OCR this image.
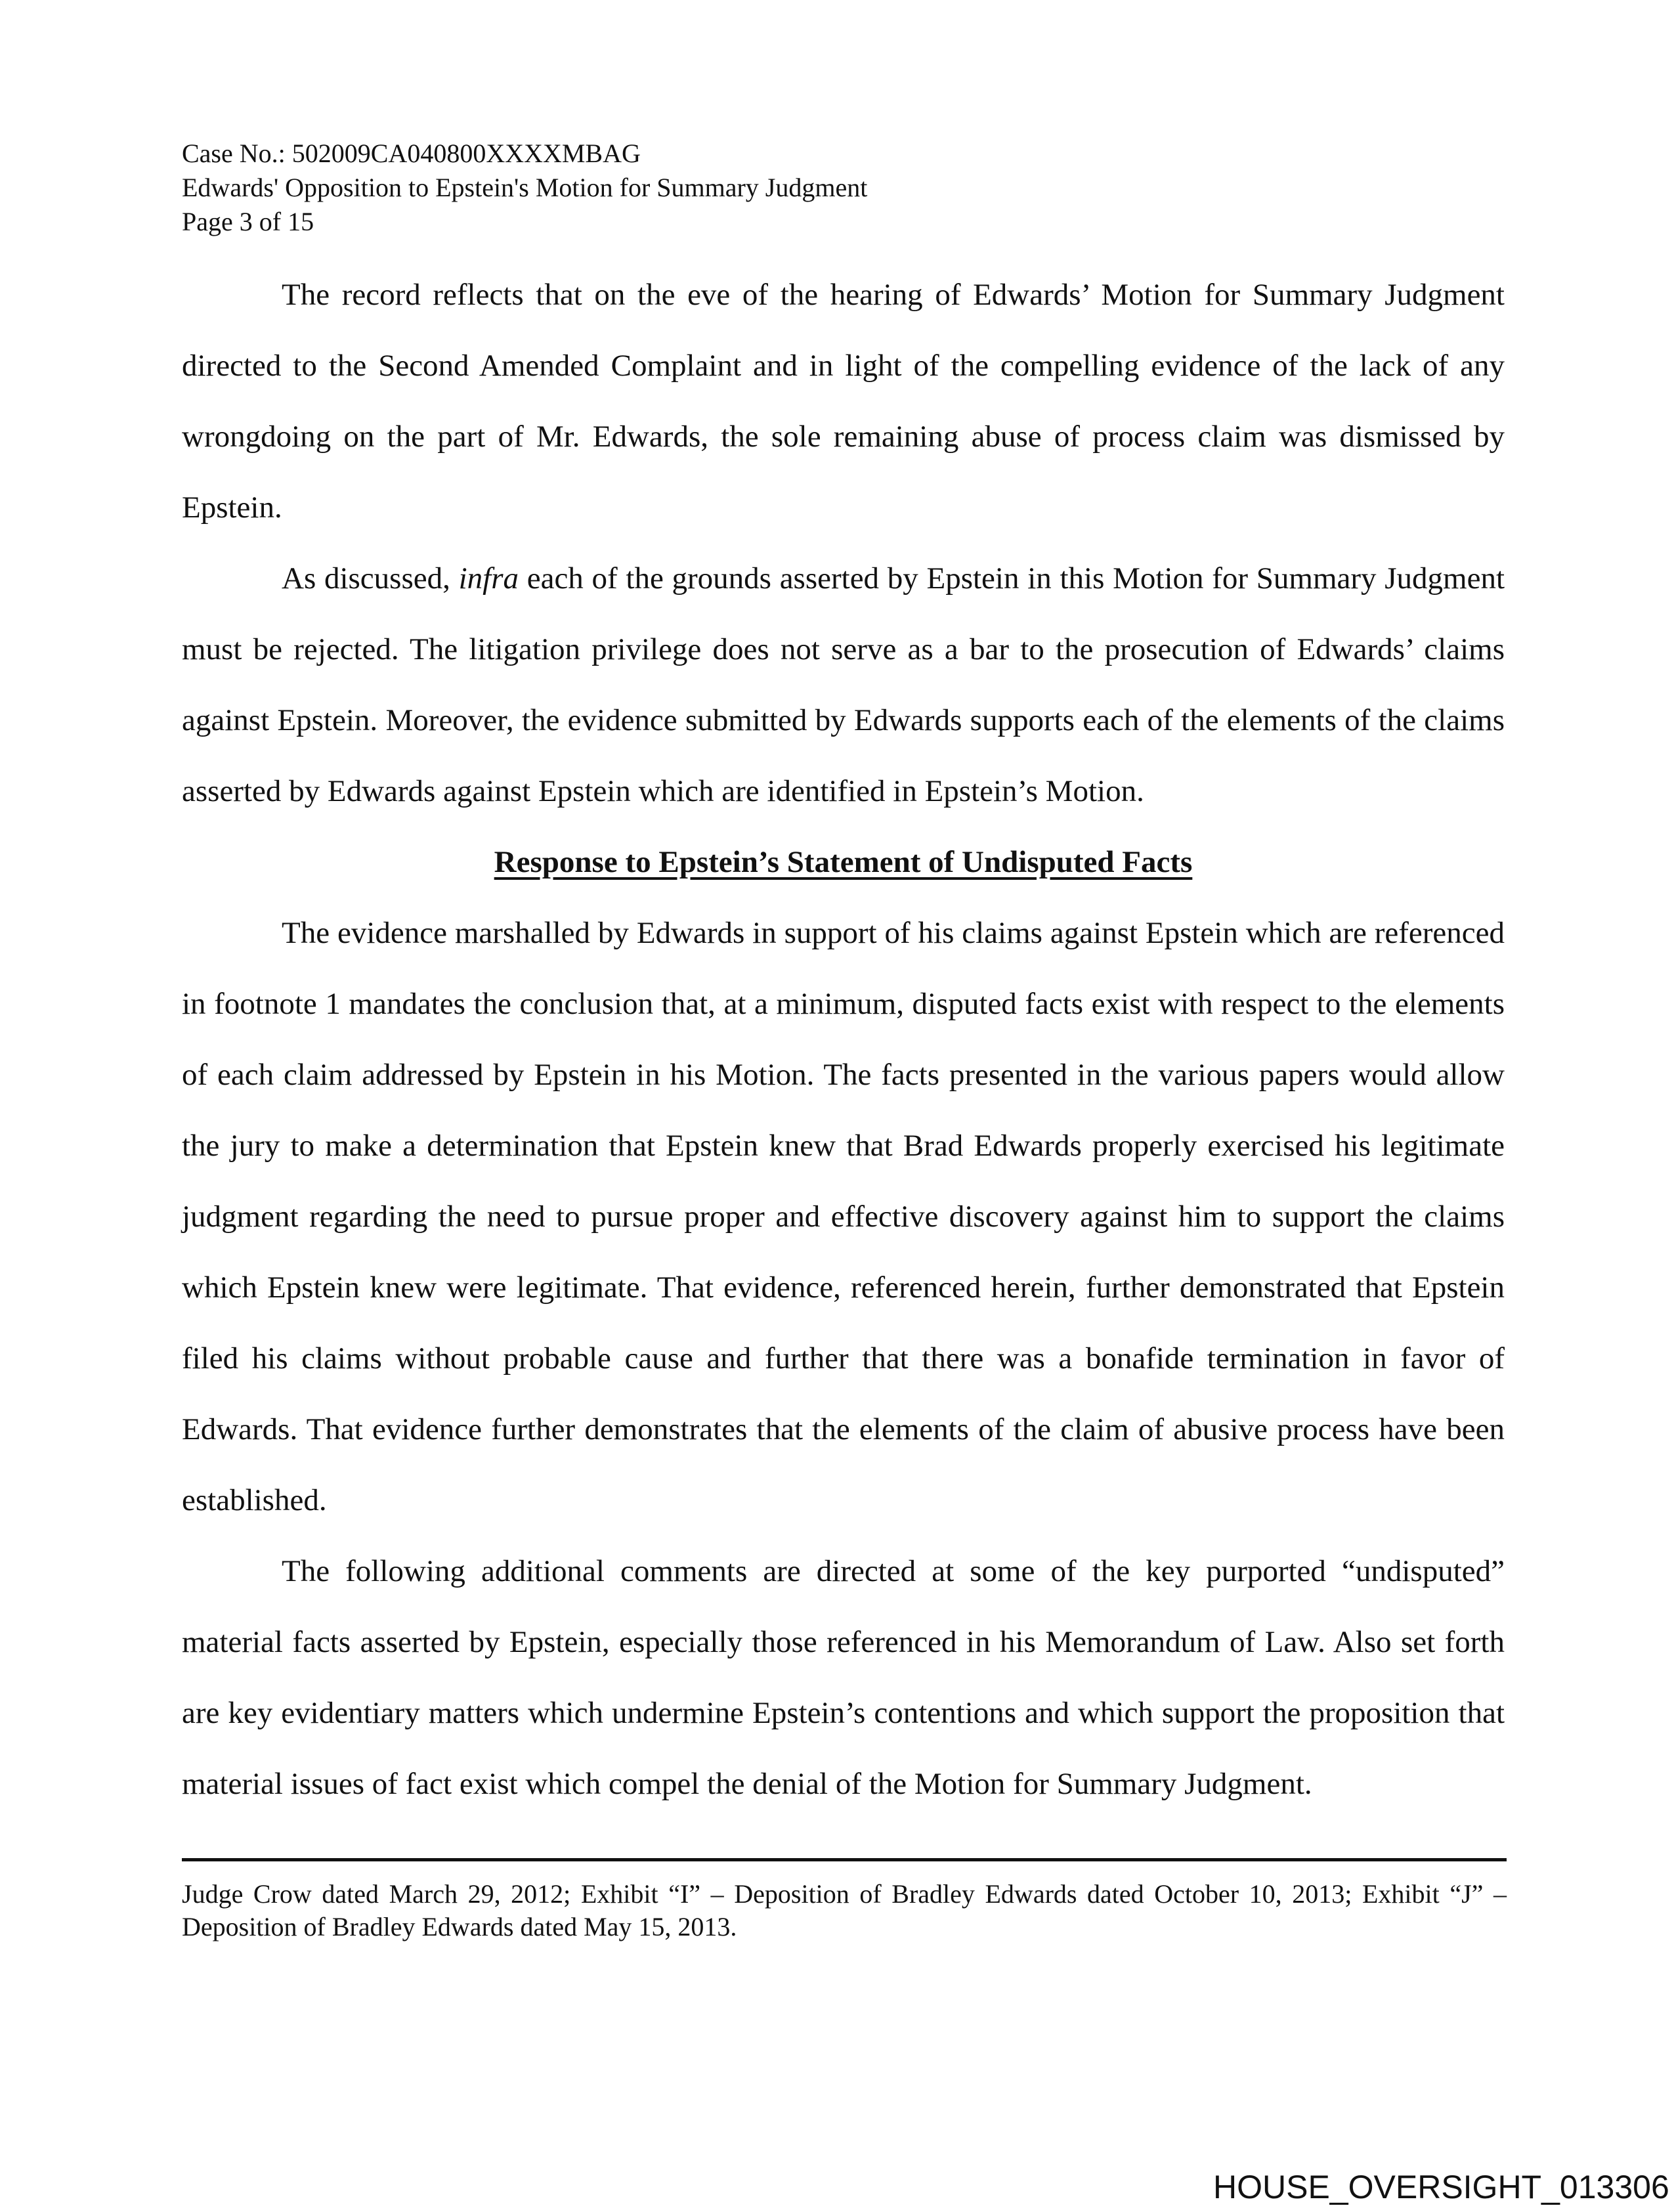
Case No.: 502009CA040800XXXXMBAG
Edwards' Opposition to Epstein's Motion for Summary Judgment
Page 3 of 15

The record reflects that on the eve of the hearing of Edwards’ Motion for Summary Judgment directed to the Second Amended Complaint and in light of the compelling evidence of the lack of any wrongdoing on the part of Mr. Edwards, the sole remaining abuse of process claim was dismissed by Epstein.

As discussed, infra each of the grounds asserted by Epstein in this Motion for Summary Judgment must be rejected. The litigation privilege does not serve as a bar to the prosecution of Edwards’ claims against Epstein. Moreover, the evidence submitted by Edwards supports each of the elements of the claims asserted by Edwards against Epstein which are identified in Epstein’s Motion.

Response to Epstein’s Statement of Undisputed Facts

The evidence marshalled by Edwards in support of his claims against Epstein which are referenced in footnote 1 mandates the conclusion that, at a minimum, disputed facts exist with respect to the elements of each claim addressed by Epstein in his Motion. The facts presented in the various papers would allow the jury to make a determination that Epstein knew that Brad Edwards properly exercised his legitimate judgment regarding the need to pursue proper and effective discovery against him to support the claims which Epstein knew were legitimate. That evidence, referenced herein, further demonstrated that Epstein filed his claims without probable cause and further that there was a bonafide termination in favor of Edwards. That evidence further demonstrates that the elements of the claim of abusive process have been established.

The following additional comments are directed at some of the key purported “undisputed” material facts asserted by Epstein, especially those referenced in his Memorandum of Law. Also set forth are key evidentiary matters which undermine Epstein’s contentions and which support the proposition that material issues of fact exist which compel the denial of the Motion for Summary Judgment.

Judge Crow dated March 29, 2012; Exhibit “I” – Deposition of Bradley Edwards dated October 10, 2013; Exhibit “J” – Deposition of Bradley Edwards dated May 15, 2013.
HOUSE_OVERSIGHT_013306
